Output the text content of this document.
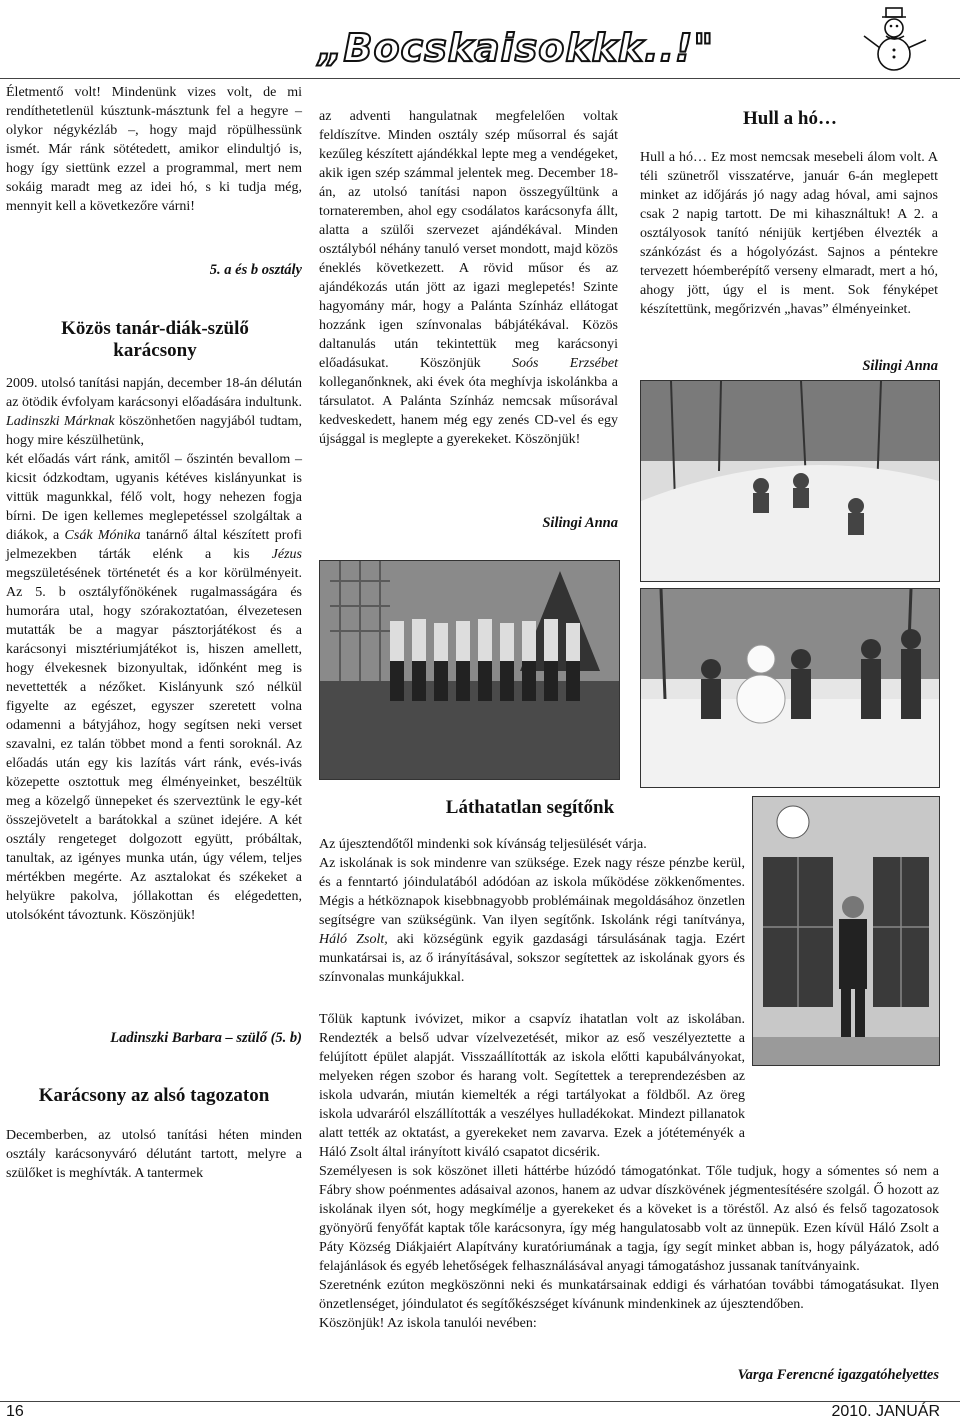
„Bocskaisokkk..!"

Életmentő volt! Mindenünk vizes volt, de mi rendíthetetlenül kúsztunk-másztunk fel a hegyre – olykor négykézláb –, hogy majd röpülhessünk ismét. Már ránk sötétedett, amikor elindultjó is, hogy így siettünk ezzel a programmal, mert nem sokáig maradt meg az idei hó, s ki tudja még, mennyit kell a következőre várni!

5. a és b osztály
Közös tanár-diák-szülő karácsony

2009. utolsó tanítási napján, december 18-án délután az ötödik évfolyam karácsonyi előadására indultunk. Ladinszki Márknak köszönhetően nagyjából tudtam, hogy mire készülhetünk,

két előadás várt ránk, amitől – őszintén bevallom – kicsit ódzkodtam, ugyanis kétéves kislányunkat is vittük magunkkal, félő volt, hogy nehezen fogja bírni. De igen kellemes meglepetéssel szolgáltak a diákok, a Csák Mónika tanárnő által készített profi jelmezekben tárták elénk a kis Jézus megszületésének történetét és a kor körülményeit. Az 5. b osztályfőnökének rugalmasságára és humorára utal, hogy szórakoztatóan, élvezetesen mutatták be a magyar pásztorjátékost és a karácsonyi misztériumjátékot is, hiszen amellett, hogy élvekesnek bizonyultak, időnként meg is nevettették a nézőket. Kislányunk szó nélkül figyelte az egészet, egyszer szeretett volna odamenni a bátyjához, hogy segítsen neki verset szavalni, ez talán többet mond a fenti soroknál. Az előadás után egy kis lazítás várt ránk, evés-ivás közepette osztottuk meg élményeinket, beszéltük meg a közelgő ünnepeket és szerveztünk le egy-két összejövetelt a barátokkal a szünet idejére. A két osztály rengeteget dolgozott együtt, próbáltak, tanultak, az igényes munka után, úgy vélem, teljes mértékben megérte. Az asztalokat és székeket a helyükre pakolva, jóllakottan és elégedetten, utolsóként távoztunk. Köszönjük!

Ladinszki Barbara – szülő (5. b)
Karácsony az alsó tagozaton

Decemberben, az utolsó tanítási héten minden osztály karácsonyváró délutánt tartott, melyre a szülőket is meghívták. A tantermek

az adventi hangulatnak megfelelően voltak feldíszítve. Minden osztály szép műsorral és saját kezűleg készített ajándékkal lepte meg a vendégeket, akik igen szép számmal jelentek meg. December 18-án, az utolsó tanítási napon összegyűltünk a tornateremben, ahol egy csodálatos karácsonyfa állt, alatta a szülői szervezet ajándékával. Minden osztályból néhány tanuló verset mondott, majd közös éneklés következett. A rövid műsor és az ajándékozás után jött az igazi meglepetés! Szinte hagyomány már, hogy a Palánta Színház ellátogat hozzánk igen színvonalas bábjátékával. Közös daltanulás után tekintettük meg karácsonyi előadásukat. Köszönjük Soós Erzsébet kolleganőnknek, aki évek óta meghívja iskolánkba a társulatot. A Palánta Színház nemcsak műsorával kedveskedett, hanem még egy zenés CD-vel és egy újsággal is meglepte a gyerekeket. Köszönjük!

Silingi Anna
Hull a hó…

Hull a hó… Ez most nemcsak mesebeli álom volt. A téli szünetről visszatérve, január 6-án meglepett minket az időjárás jó nagy adag hóval, ami sajnos csak 2 napig tartott. De mi kihasználtuk! A 2. a osztályosok tanító nénijük kertjében élvezték a szánkózást és a hógolyózást. Sajnos a péntekre tervezett hóemberépítő verseny elmaradt, mert a hó, ahogy jött, úgy el is ment. Sok fényképet készítettünk, megőrizvén „havas” élményeinket.

Silingi Anna
Láthatatlan segítőnk

Az újesztendőtől mindenki sok kívánság teljesülését várja.

Az iskolának is sok mindenre van szüksége. Ezek nagy része pénzbe kerül, és a fenntartó jóindulatából adódóan az iskola működése zökkenőmentes. Mégis a hétköznapok kisebbnagyobb problémáinak megoldásához önzetlen segítségre van szükségünk. Van ilyen segítőnk. Iskolánk régi tanítványa, Háló Zsolt, aki községünk egyik gazdasági társulásának tagja. Ezért munkatársai is, az ő irányításával, sokszor segítettek az iskolának gyors és színvonalas munkájukkal.

Tőlük kaptunk ivóvizet, mikor a csapvíz ihatatlan volt az iskolában. Rendezték a belső udvar vízelvezetését, mikor az eső veszélyeztette a felújított épület alapját. Visszaállították az iskola előtti kapubálványokat, melyeken régen szobor és harang volt. Segítettek a tereprendezésben az iskola udvarán, miután kiemelték a régi tartályokat a földből. Az öreg iskola udvaráról elszállították a veszélyes hulladékokat. Mindezt pillanatok alatt tették az oktatást, a gyerekeket nem zavarva. Ezek a jótéteményék a Háló Zsolt által irányított kiváló csapatot dicsérik.

Személyesen is sok köszönet illeti háttérbe húzódó támogatónkat. Tőle tudjuk, hogy a sómentes só nem a Fábry show poénmentes adásaival azonos, hanem az udvar díszkövének jégmentesítésére szolgál. Ő hozott az iskolának ilyen sót, hogy megkímélje a gyerekeket és a köveket is a töréstől. Az alsó és felső tagozatosok gyönyörű fenyőfát kaptak tőle karácsonyra, így még hangulatosabb volt az ünnepük. Ezen kívül Háló Zsolt a Páty Község Diákjaiért Alapítvány kuratóriumának a tagja, így segít minket abban is, hogy pályázatok, adó felajánlások és egyéb lehetőségek felhasználásával anyagi támogatáshoz jussanak tanítványaink.

Szeretnénk ezúton megköszönni neki és munkatársainak eddigi és várhatóan további támogatásukat. Ilyen önzetlenséget, jóindulatot és segítőkészséget kívánunk mindenkinek az újesztendőben.

Köszönjük! Az iskola tanulói nevében:

Varga Ferencné igazgatóhelyettes
16	2010. JANUÁR
